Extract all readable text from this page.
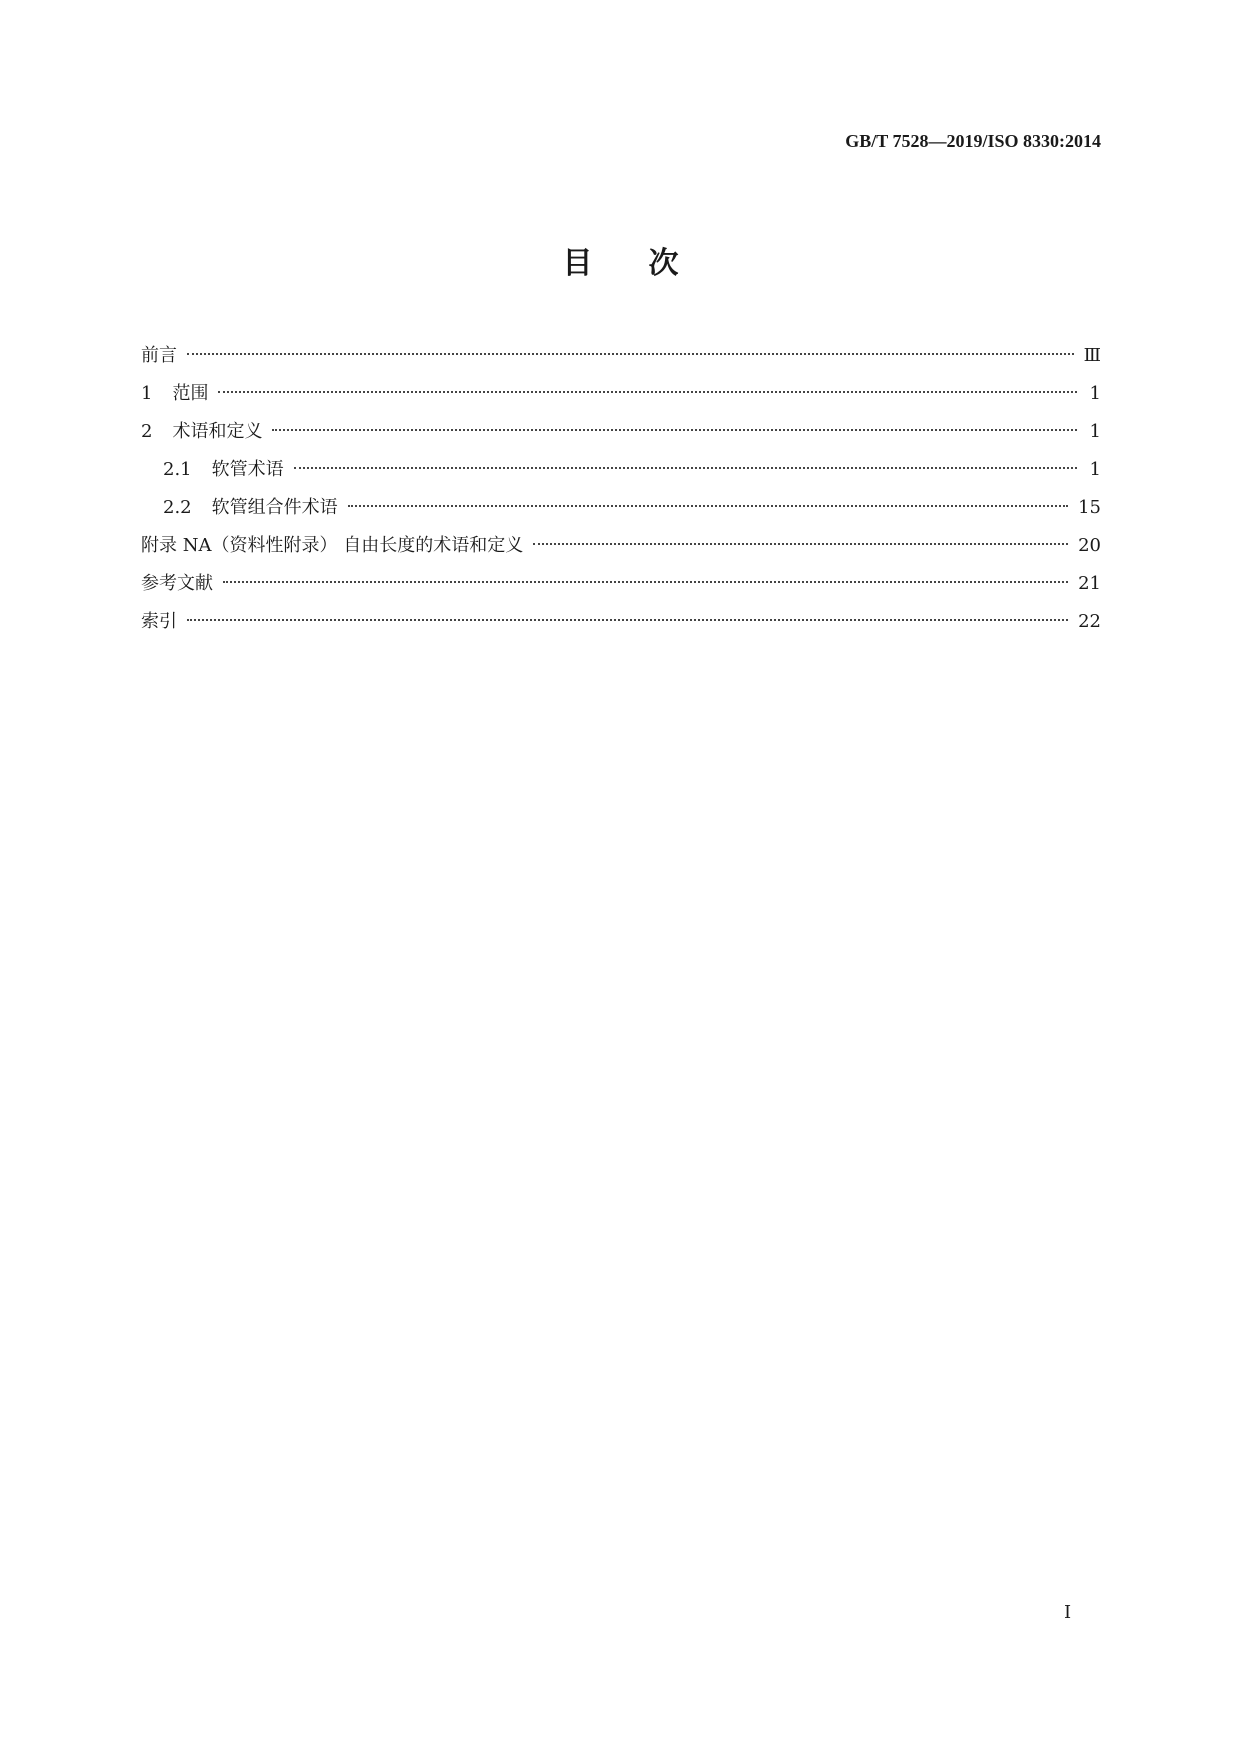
GB/T 7528—2019/ISO 8330:2014
目次
前言	Ⅲ
1 范围	1
2 术语和定义	1
2.1 软管术语	1
2.2 软管组合件术语	15
附录 NA（资料性附录） 自由长度的术语和定义	20
参考文献	21
索引	22
I
